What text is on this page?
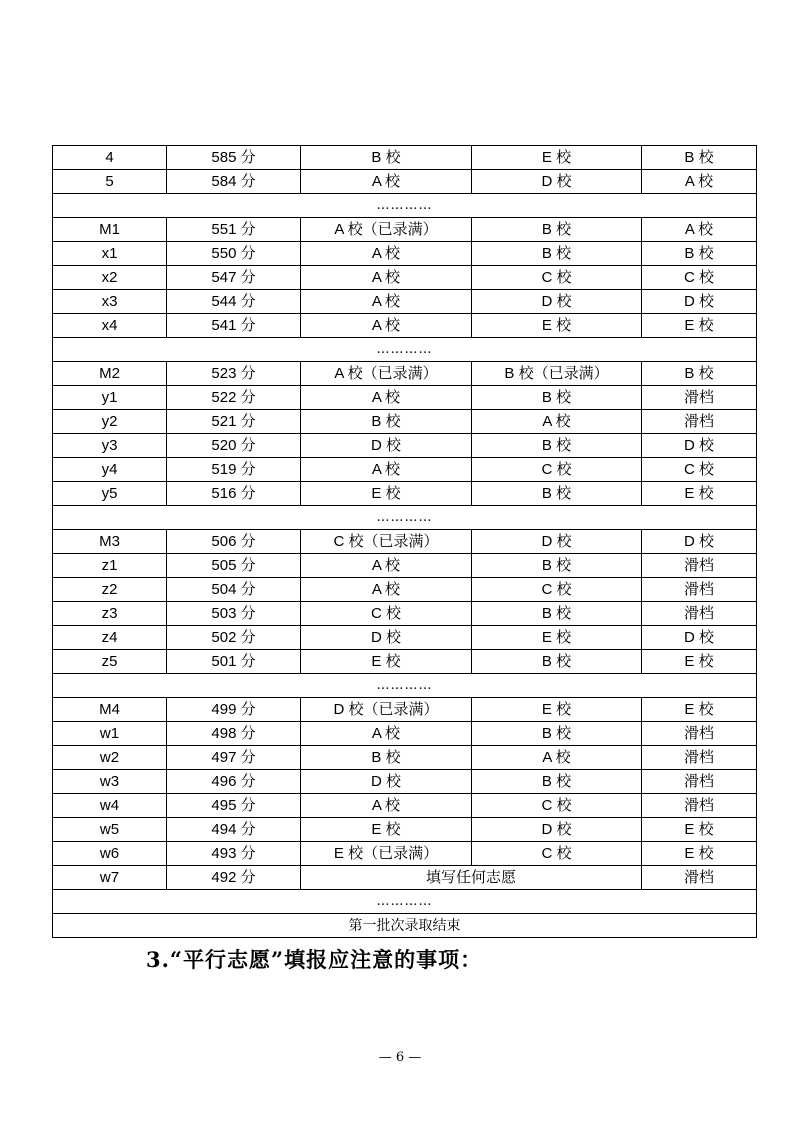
4	585 分	B 校	E 校	B 校
5	584 分	A 校	D 校	A 校
…………				
M1	551 分	A 校（已录满）	B 校	A 校
x1	550 分	A 校	B 校	B 校
x2	547 分	A 校	C 校	C 校
x3	544 分	A 校	D 校	D 校
x4	541 分	A 校	E 校	E 校
…………				
M2	523 分	A 校（已录满）	B 校（已录满）	B 校
y1	522 分	A 校	B 校	滑档
y2	521 分	B 校	A 校	滑档
y3	520 分	D 校	B 校	D 校
y4	519 分	A 校	C 校	C 校
y5	516 分	E 校	B 校	E 校
…………				
M3	506 分	C 校（已录满）	D 校	D 校
z1	505 分	A 校	B 校	滑档
z2	504 分	A 校	C 校	滑档
z3	503 分	C 校	B 校	滑档
z4	502 分	D 校	E 校	D 校
z5	501 分	E 校	B 校	E 校
…………				
M4	499 分	D 校（已录满）	E 校	E 校
w1	498 分	A 校	B 校	滑档
w2	497 分	B 校	A 校	滑档
w3	496 分	D 校	B 校	滑档
w4	495 分	A 校	C 校	滑档
w5	494 分	E 校	D 校	E 校
w6	493 分	E 校（已录满）	C 校	E 校
w7	492 分	填写任何志愿		滑档
…………				
第一批次录取结束				
3.“平行志愿”填报应注意的事项：
— 6 —
